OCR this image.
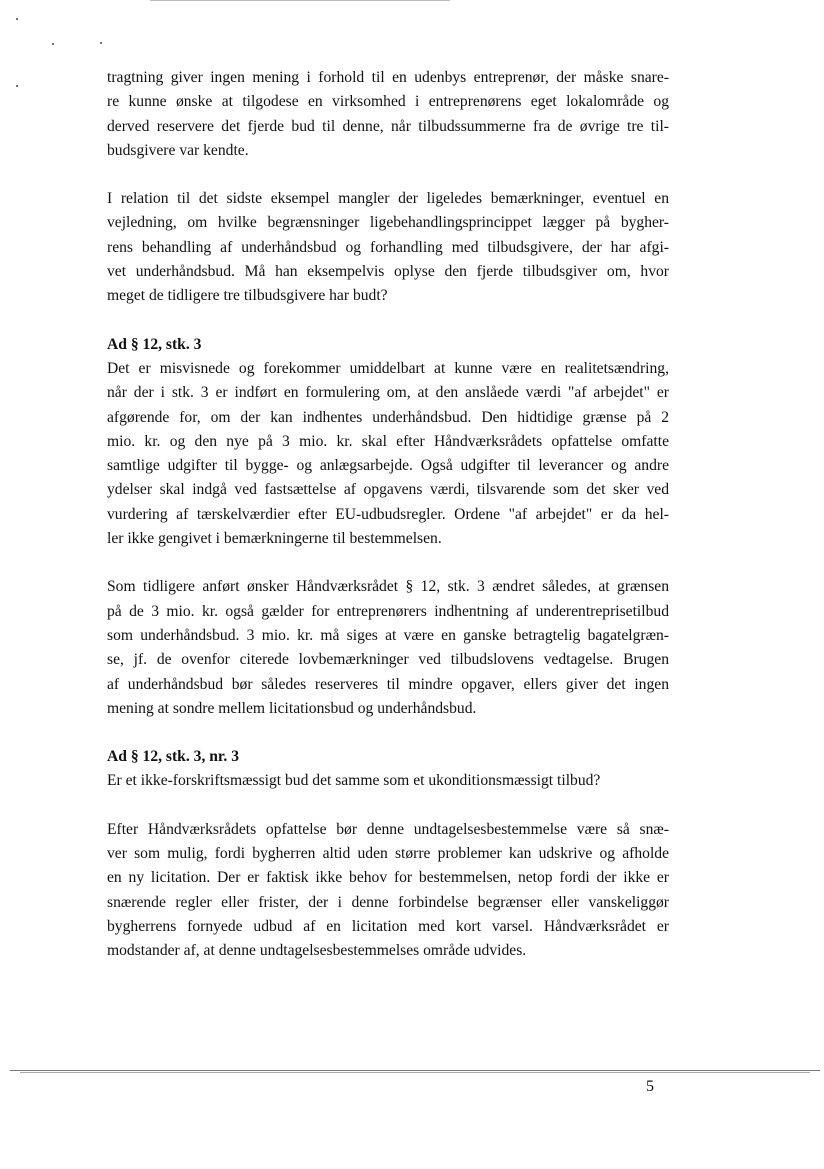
tragtning giver ingen mening i forhold til en udenbys entreprenør, der måske snare-
re kunne ønske at tilgodese en virksomhed i entreprenørens eget lokalområde og
derved reservere det fjerde bud til denne, når tilbudssummerne fra de øvrige tre til-
budsgivere var kendte.

I relation til det sidste eksempel mangler der ligeledes bemærkninger, eventuel en
vejledning, om hvilke begrænsninger ligebehandlingsprincippet lægger på bygher-
rens behandling af underhåndsbud og forhandling med tilbudsgivere, der har afgi-
vet underhåndsbud. Må han eksempelvis oplyse den fjerde tilbudsgiver om, hvor
meget de tidligere tre tilbudsgivere har budt?

Ad § 12, stk. 3
Det er misvisnede og forekommer umiddelbart at kunne være en realitetsændring,
når der i stk. 3 er indført en formulering om, at den anslåede værdi "af arbejdet" er
afgørende for, om der kan indhentes underhåndsbud. Den hidtidige grænse på 2
mio. kr. og den nye på 3 mio. kr. skal efter Håndværksrådets opfattelse omfatte
samtlige udgifter til bygge- og anlægsarbejde. Også udgifter til leverancer og andre
ydelser skal indgå ved fastsættelse af opgavens værdi, tilsvarende som det sker ved
vurdering af tærskelværdier efter EU-udbudsregler. Ordene "af arbejdet" er da hel-
ler ikke gengivet i bemærkningerne til bestemmelsen.

Som tidligere anført ønsker Håndværksrådet § 12, stk. 3 ændret således, at grænsen
på de 3 mio. kr. også gælder for entreprenørers indhentning af underentreprisetilbud
som underhåndsbud. 3 mio. kr. må siges at være en ganske betragtelig bagatelgræn-
se, jf. de ovenfor citerede lovbemærkninger ved tilbudslovens vedtagelse. Brugen
af underhåndsbud bør således reserveres til mindre opgaver, ellers giver det ingen
mening at sondre mellem licitationsbud og underhåndsbud.

Ad § 12, stk. 3, nr. 3
Er et ikke-forskriftsmæssigt bud det samme som et ukonditionsmæssigt tilbud?

Efter Håndværksrådets opfattelse bør denne undtagelsesbestemmelse være så snæ-
ver som mulig, fordi bygherren altid uden større problemer kan udskrive og afholde
en ny licitation. Der er faktisk ikke behov for bestemmelsen, netop fordi der ikke er
snærende regler eller frister, der i denne forbindelse begrænser eller vanskeliggør
bygherrens fornyede udbud af en licitation med kort varsel. Håndværksrådet er
modstander af, at denne undtagelsesbestemmelses område udvides.

5
